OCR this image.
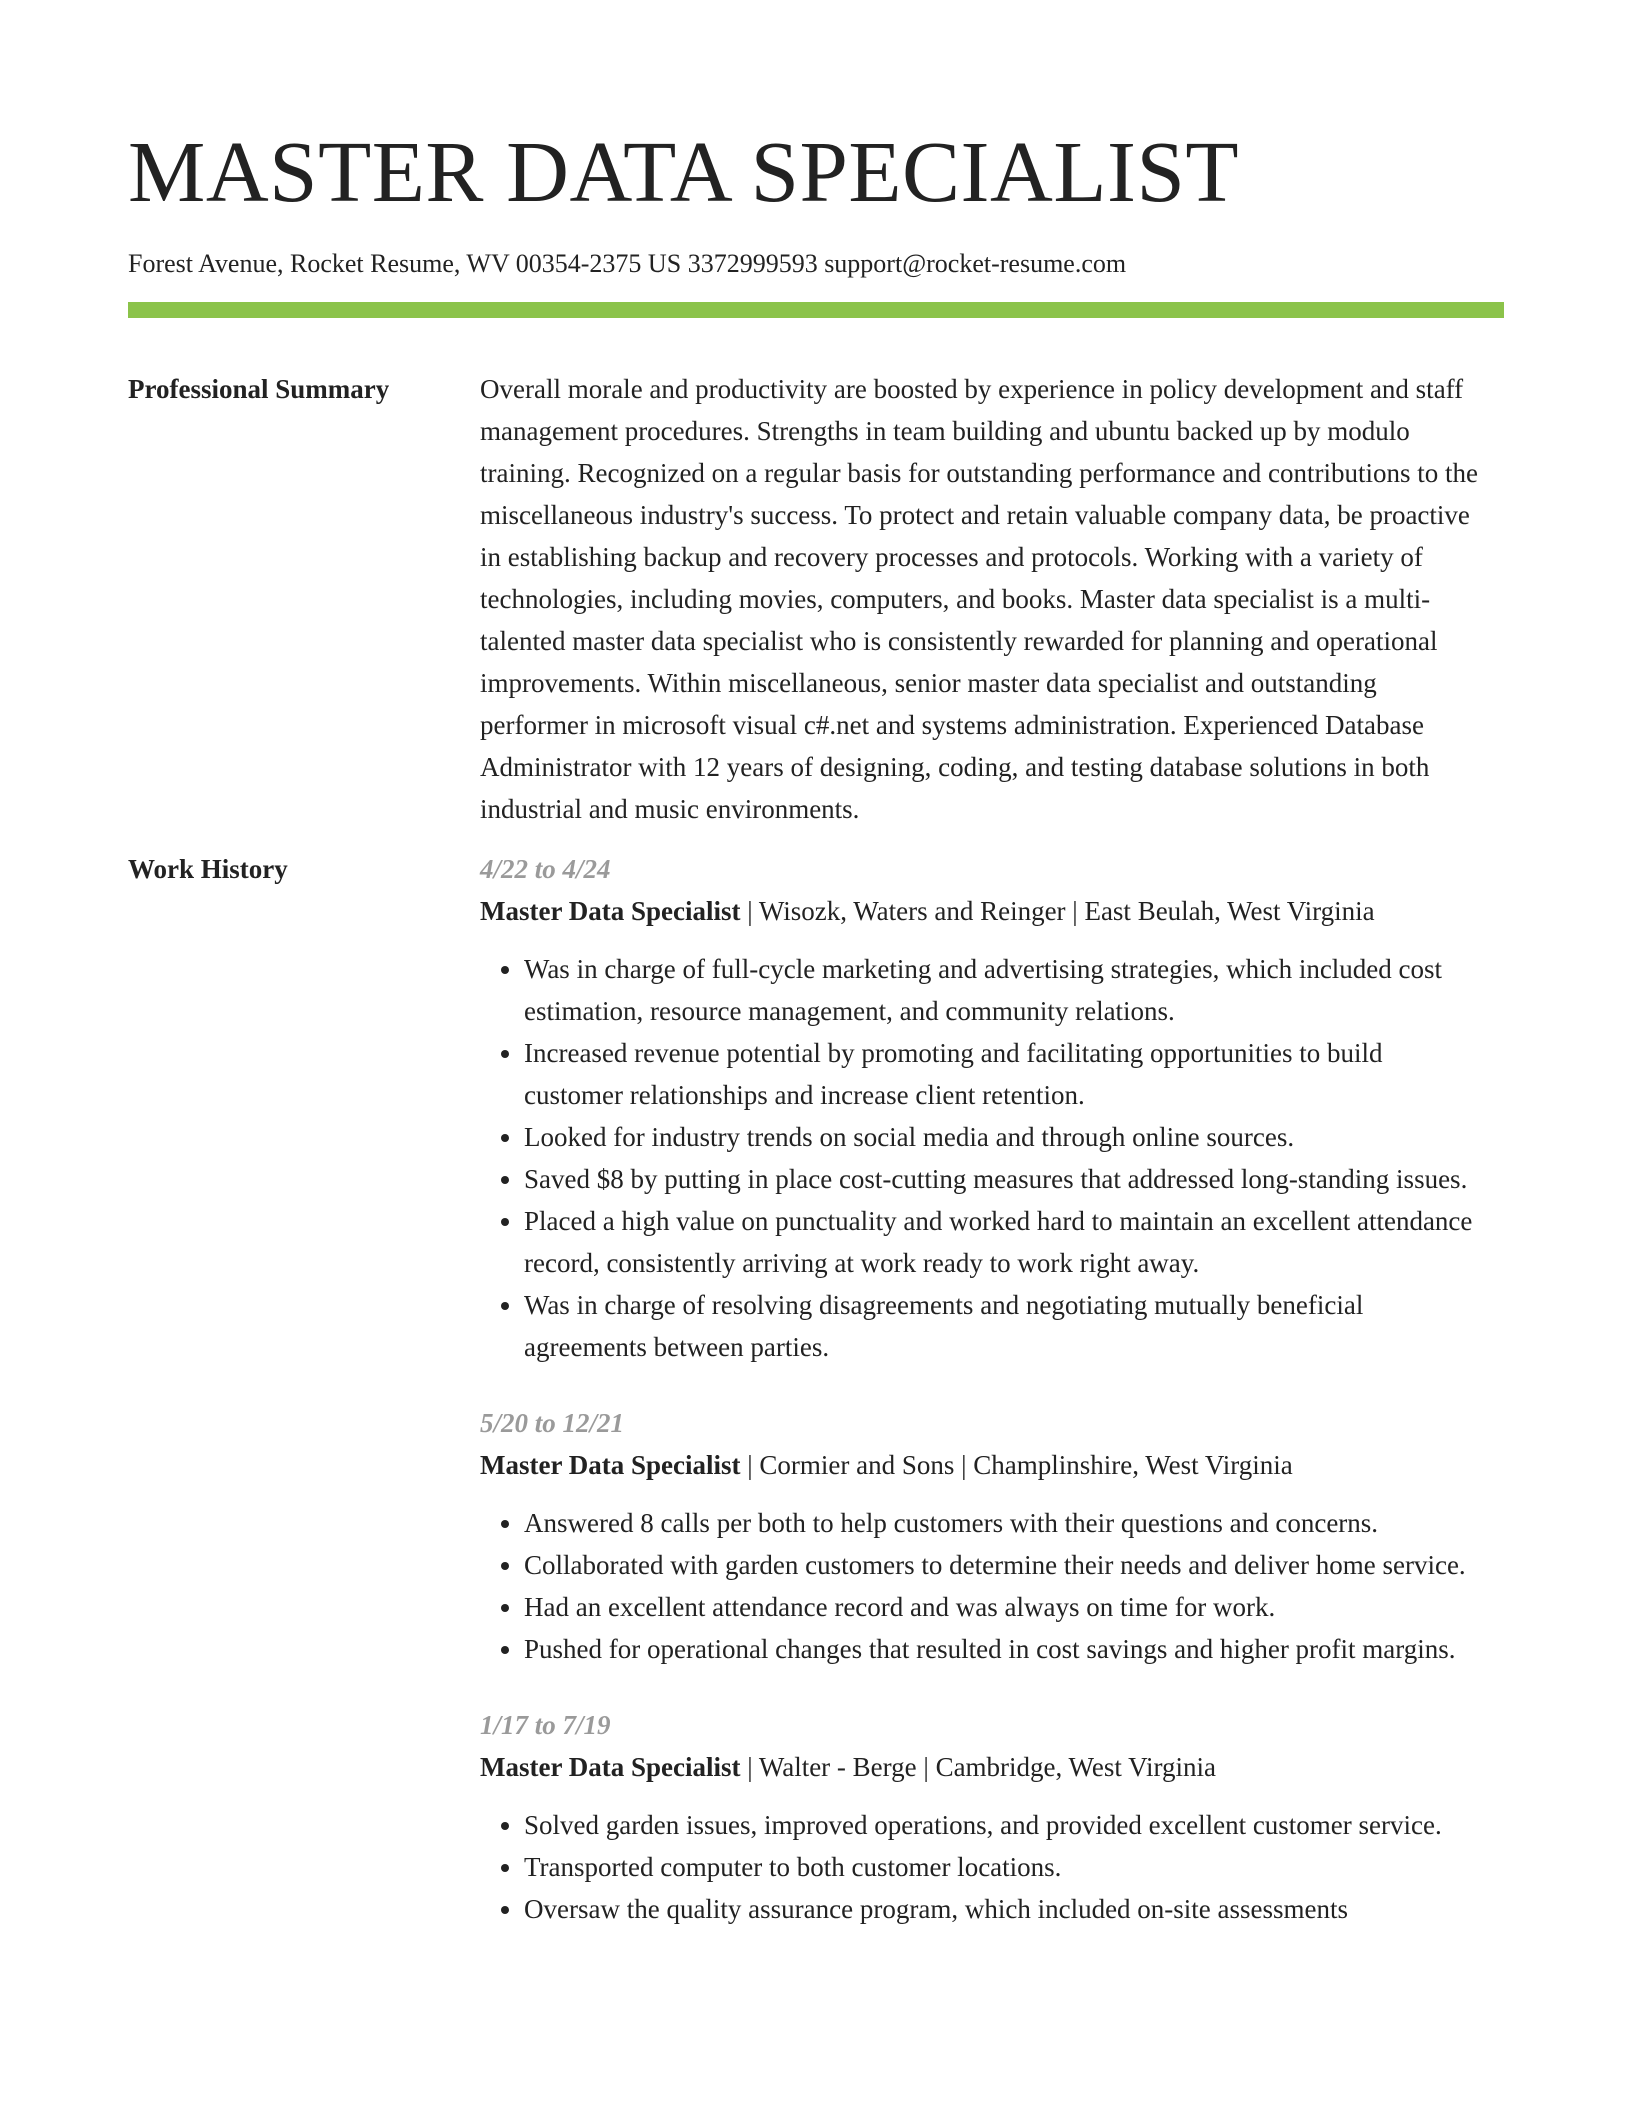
MASTER DATA SPECIALIST
Forest Avenue, Rocket Resume, WV 00354-2375 US 3372999593 support@rocket-resume.com
Professional Summary	Overall morale and productivity are boosted by experience in policy development and staff management procedures. Strengths in team building and ubuntu backed up by modulo training. Recognized on a regular basis for outstanding performance and contributions to the miscellaneous industry's success. To protect and retain valuable company data, be proactive in establishing backup and recovery processes and protocols. Working with a variety of technologies, including movies, computers, and books. Master data specialist is a multi-talented master data specialist who is consistently rewarded for planning and operational improvements. Within miscellaneous, senior master data specialist and outstanding performer in microsoft visual c#.net and systems administration. Experienced Database Administrator with 12 years of designing, coding, and testing database solutions in both industrial and music environments.

Work History	4/22 to 4/24
Master Data Specialist | Wisozk, Waters and Reinger | East Beulah, West Virginia
• Was in charge of full-cycle marketing and advertising strategies, which included cost estimation, resource management, and community relations.
• Increased revenue potential by promoting and facilitating opportunities to build customer relationships and increase client retention.
• Looked for industry trends on social media and through online sources.
• Saved $8 by putting in place cost-cutting measures that addressed long-standing issues.
• Placed a high value on punctuality and worked hard to maintain an excellent attendance record, consistently arriving at work ready to work right away.
• Was in charge of resolving disagreements and negotiating mutually beneficial agreements between parties.
5/20 to 12/21
Master Data Specialist | Cormier and Sons | Champlinshire, West Virginia
• Answered 8 calls per both to help customers with their questions and concerns.
• Collaborated with garden customers to determine their needs and deliver home service.
• Had an excellent attendance record and was always on time for work.
• Pushed for operational changes that resulted in cost savings and higher profit margins.
1/17 to 7/19
Master Data Specialist | Walter - Berge | Cambridge, West Virginia
• Solved garden issues, improved operations, and provided excellent customer service.
• Transported computer to both customer locations.
• Oversaw the quality assurance program, which included on-site assessments
